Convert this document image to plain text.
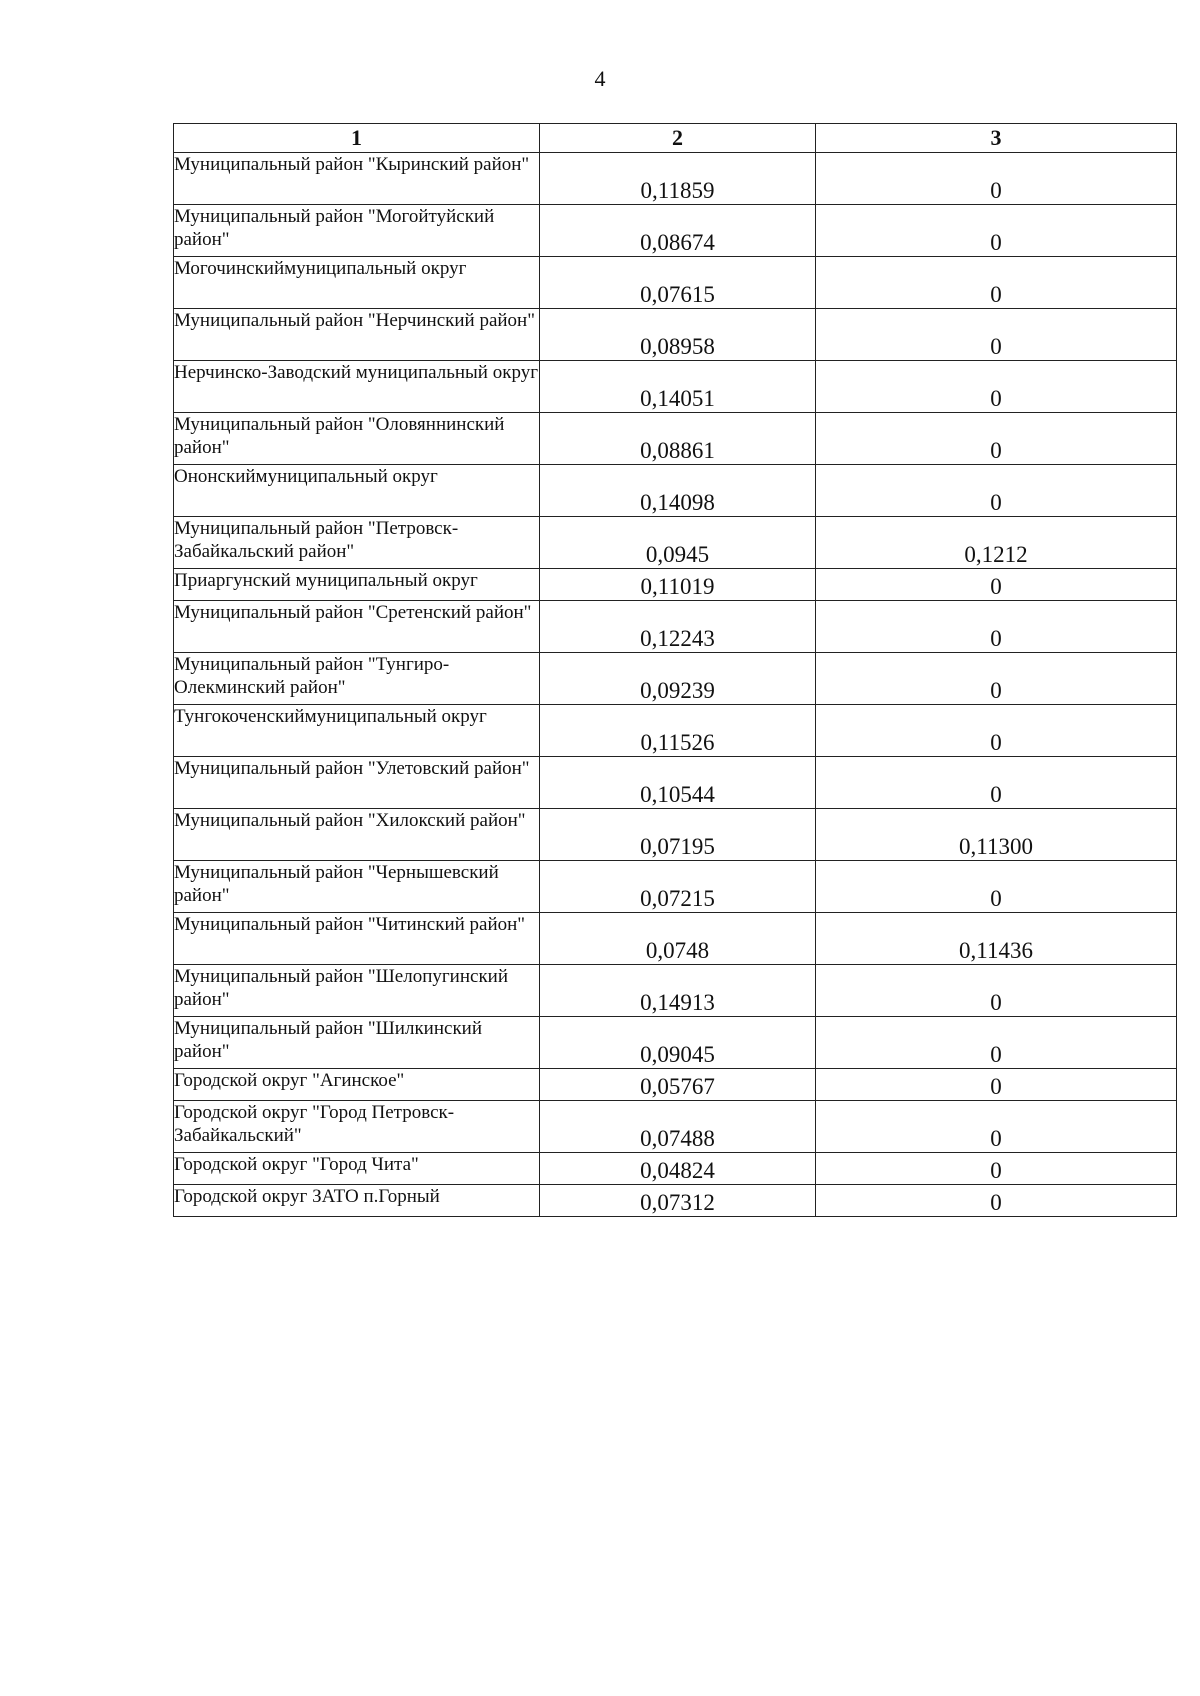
4
1	2	3
Муниципальный район "Кыринский район"	0,11859	0
Муниципальный район "Могойтуйский район"	0,08674	0
Могочинскиймуниципальный округ	0,07615	0
Муниципальный район "Нерчинский район"	0,08958	0
Нерчинско-Заводский муниципальный округ	0,14051	0
Муниципальный район "Оловяннинский район"	0,08861	0
Ононскиймуниципальный округ	0,14098	0
Муниципальный район "Петровск-Забайкальский район"	0,0945	0,1212
Приаргунский муниципальный округ	0,11019	0
Муниципальный район "Сретенский район"	0,12243	0
Муниципальный район "Тунгиро-Олекминский район"	0,09239	0
Тунгокоченскиймуниципальный округ	0,11526	0
Муниципальный район "Улетовский район"	0,10544	0
Муниципальный район "Хилокский район"	0,07195	0,11300
Муниципальный район "Чернышевский район"	0,07215	0
Муниципальный район "Читинский район"	0,0748	0,11436
Муниципальный район "Шелопугинский район"	0,14913	0
Муниципальный район "Шилкинский район"	0,09045	0
Городской округ "Агинское"	0,05767	0
Городской округ "Город Петровск-Забайкальский"	0,07488	0
Городской округ "Город Чита"	0,04824	0
Городской округ ЗАТО п.Горный	0,07312	0
